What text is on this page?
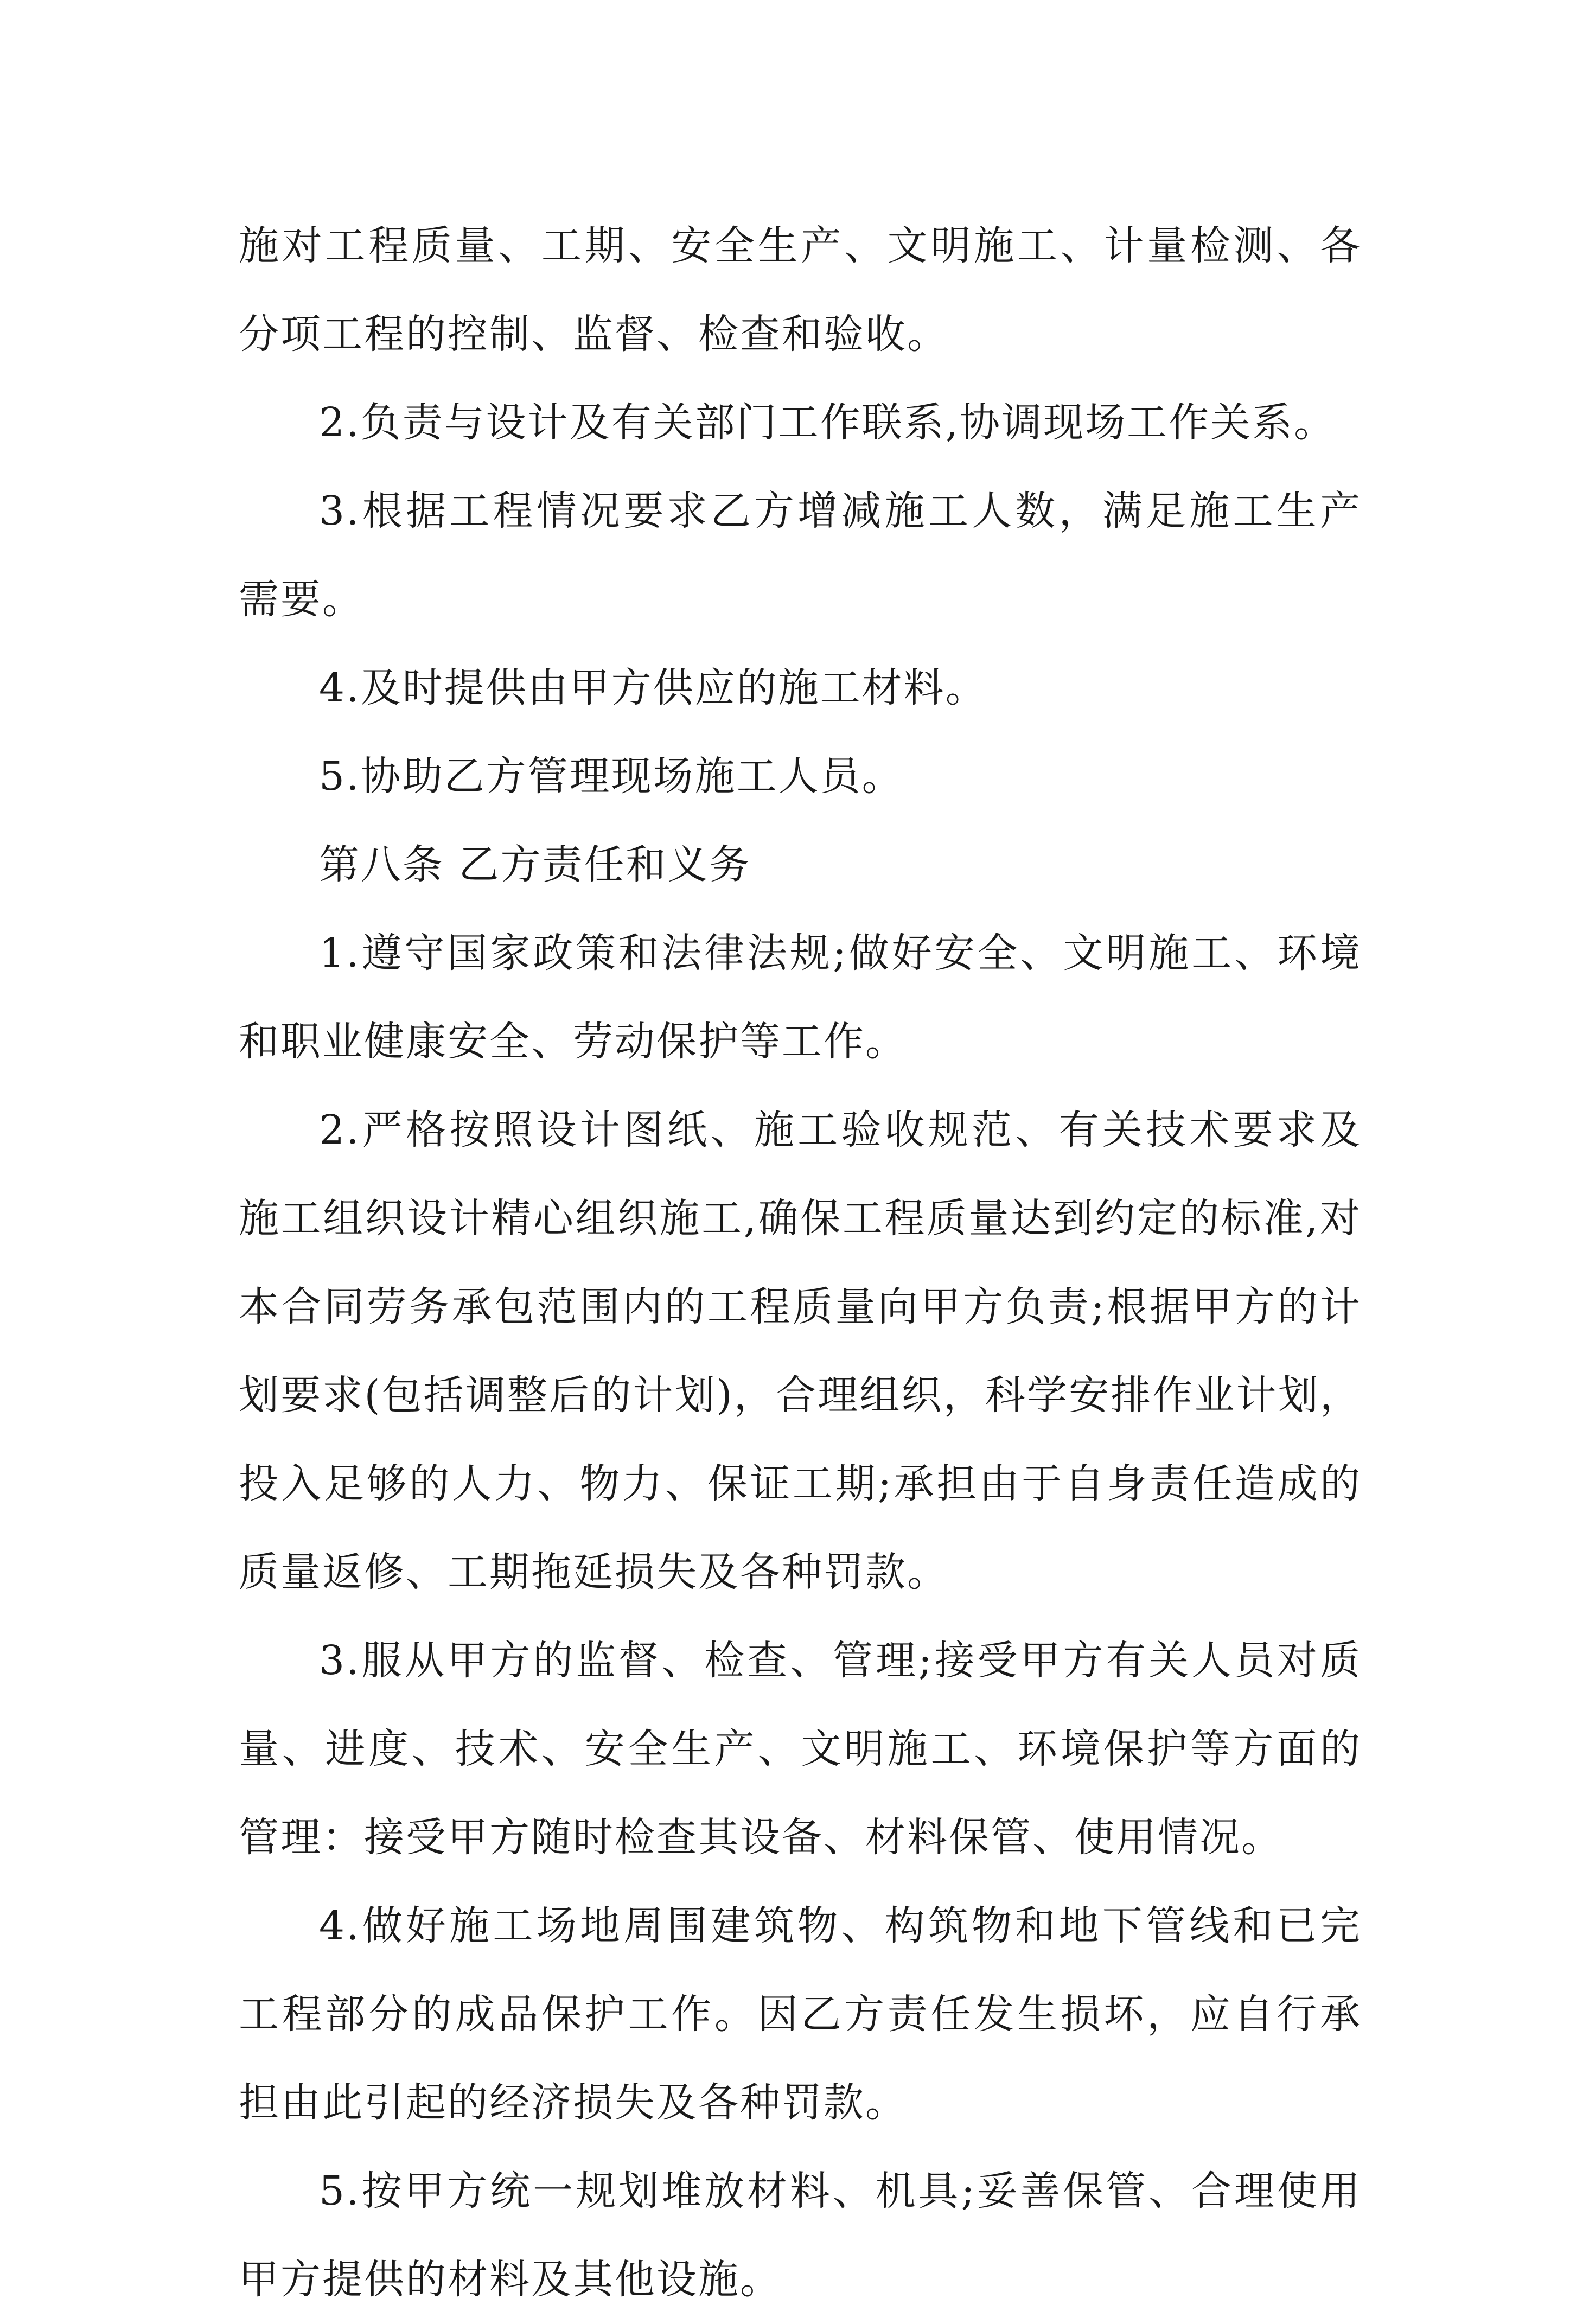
施对工程质量、工期、安全生产、文明施工、计量检测、各分项工程的控制、监督、检查和验收。

2.负责与设计及有关部门工作联系,协调现场工作关系。

3.根据工程情况要求乙方增减施工人数，满足施工生产需要。

4.及时提供由甲方供应的施工材料。

5.协助乙方管理现场施工人员。

第八条 乙方责任和义务

1.遵守国家政策和法律法规;做好安全、文明施工、环境和职业健康安全、劳动保护等工作。

2.严格按照设计图纸、施工验收规范、有关技术要求及施工组织设计精心组织施工,确保工程质量达到约定的标准,对本合同劳务承包范围内的工程质量向甲方负责;根据甲方的计划要求(包括调整后的计划)，合理组织，科学安排作业计划，投入足够的人力、物力、保证工期;承担由于自身责任造成的质量返修、工期拖延损失及各种罚款。

3.服从甲方的监督、检查、管理;接受甲方有关人员对质量、进度、技术、安全生产、文明施工、环境保护等方面的管理：接受甲方随时检查其设备、材料保管、使用情况。

4.做好施工场地周围建筑物、构筑物和地下管线和已完工程部分的成品保护工作。因乙方责任发生损坏，应自行承担由此引起的经济损失及各种罚款。

5.按甲方统一规划堆放材料、机具;妥善保管、合理使用甲方提供的材料及其他设施。
